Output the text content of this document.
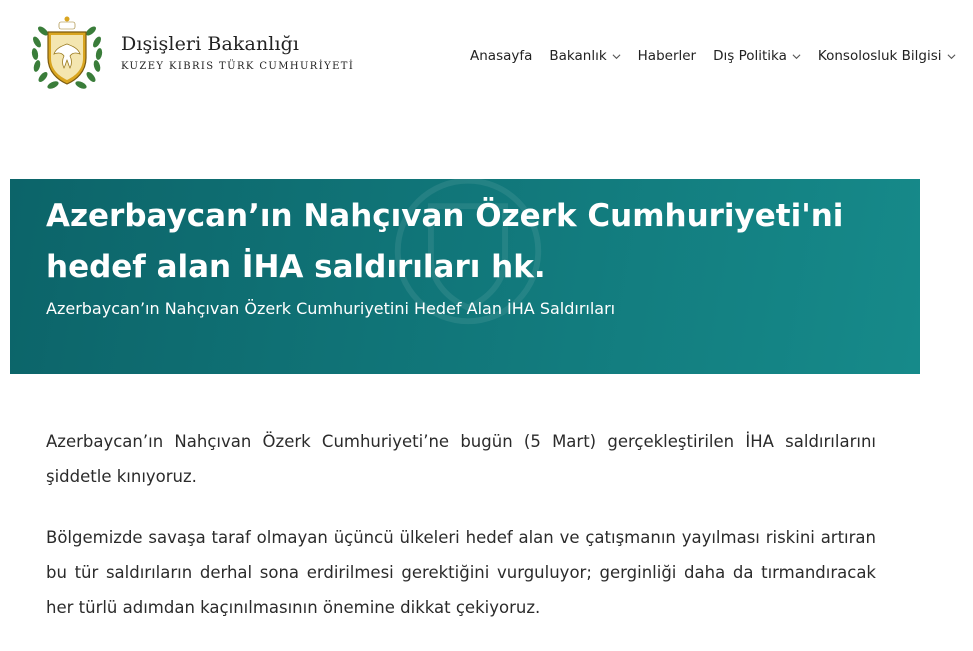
Dışişleri Bakanlığı
KUZEY KIBRIS TÜRK CUMHURİYETİ
Anasayfa Bakanlık Haberler Dış Politika Konsolosluk Bilgisi
Azerbaycan’ın Nahçıvan Özerk Cumhuriyeti'ni hedef alan İHA saldırıları hk.
Azerbaycan’ın Nahçıvan Özerk Cumhuriyetini Hedef Alan İHA Saldırıları

Azerbaycan’ın Nahçıvan Özerk Cumhuriyeti’ne bugün (5 Mart) gerçekleştirilen İHA saldırılarını şiddetle kınıyoruz.

Bölgemizde savaşa taraf olmayan üçüncü ülkeleri hedef alan ve çatışmanın yayılması riskini artıran bu tür saldırıların derhal sona erdirilmesi gerektiğini vurguluyor; gerginliği daha da tırmandıracak her türlü adımdan kaçınılmasının önemine dikkat çekiyoruz.
